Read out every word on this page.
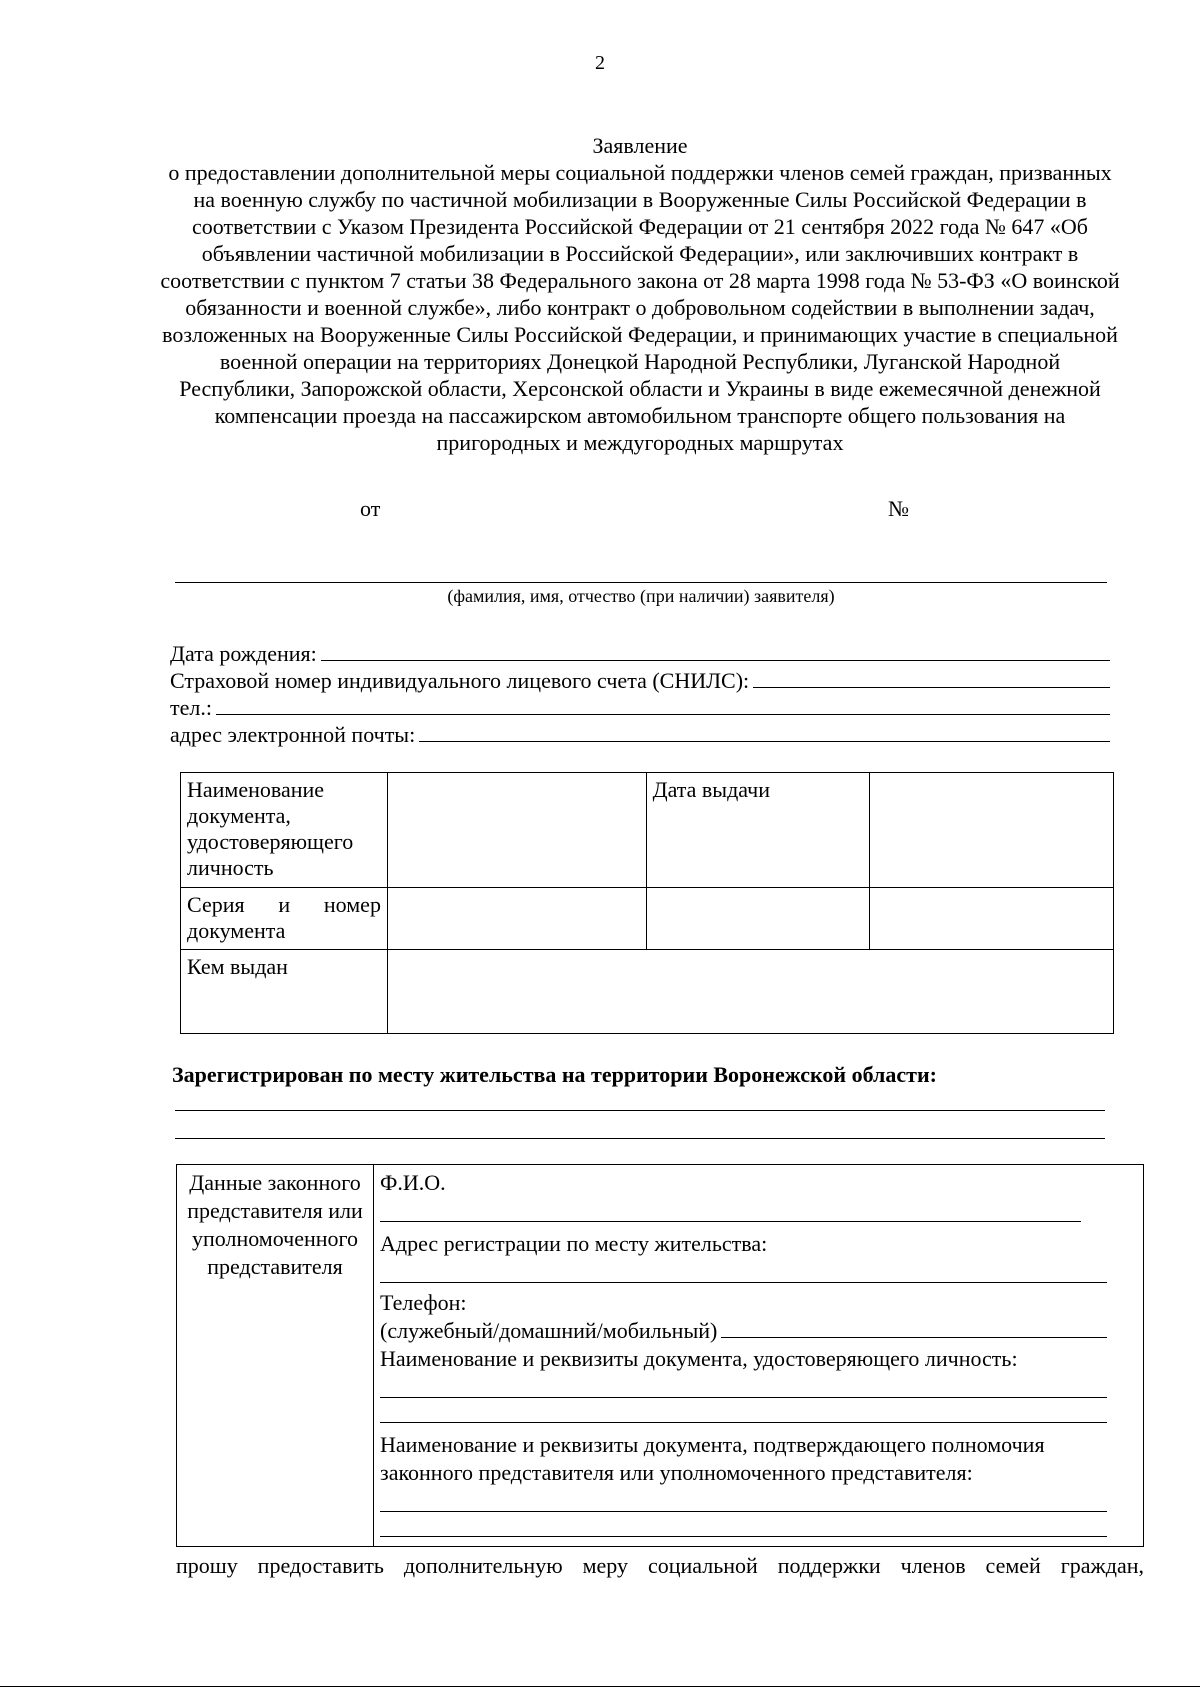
2
Заявление
о предоставлении дополнительной меры социальной поддержки членов семей граждан, призванных на военную службу по частичной мобилизации в Вооруженные Силы Российской Федерации в соответствии с Указом Президента Российской Федерации от 21 сентября 2022 года № 647 «Об объявлении частичной мобилизации в Российской Федерации», или заключивших контракт в соответствии с пунктом 7 статьи 38 Федерального закона от 28 марта 1998 года № 53-ФЗ «О воинской обязанности и военной службе», либо контракт о добровольном содействии в выполнении задач, возложенных на Вооруженные Силы Российской Федерации, и принимающих участие в специальной военной операции на территориях Донецкой Народной Республики, Луганской Народной Республики, Запорожской области, Херсонской области и Украины в виде ежемесячной денежной компенсации проезда на пассажирском автомобильном транспорте общего пользования на пригородных и междугородных маршрутах
от	№
(фамилия, имя, отчество (при наличии) заявителя)
Дата рождения:
Страховой номер индивидуального лицевого счета (СНИЛС):
тел.:
адрес электронной почты:
Наименование документа, удостоверяющего личность		Дата выдачи	
Серия и номер документа			
Кем выдан			
Зарегистрирован по месту жительства на территории Воронежской области:
Данные законного представителя или уполномоченного представителя	
Ф.И.О.
Адрес регистрации по месту жительства:
Телефон:
(служебный/домашний/мобильный)
Наименование и реквизиты документа, удостоверяющего личность:
Наименование и реквизиты документа, подтверждающего полномочия законного представителя или уполномоченного представителя:
прошу предоставить дополнительную меру социальной поддержки членов семей граждан,
